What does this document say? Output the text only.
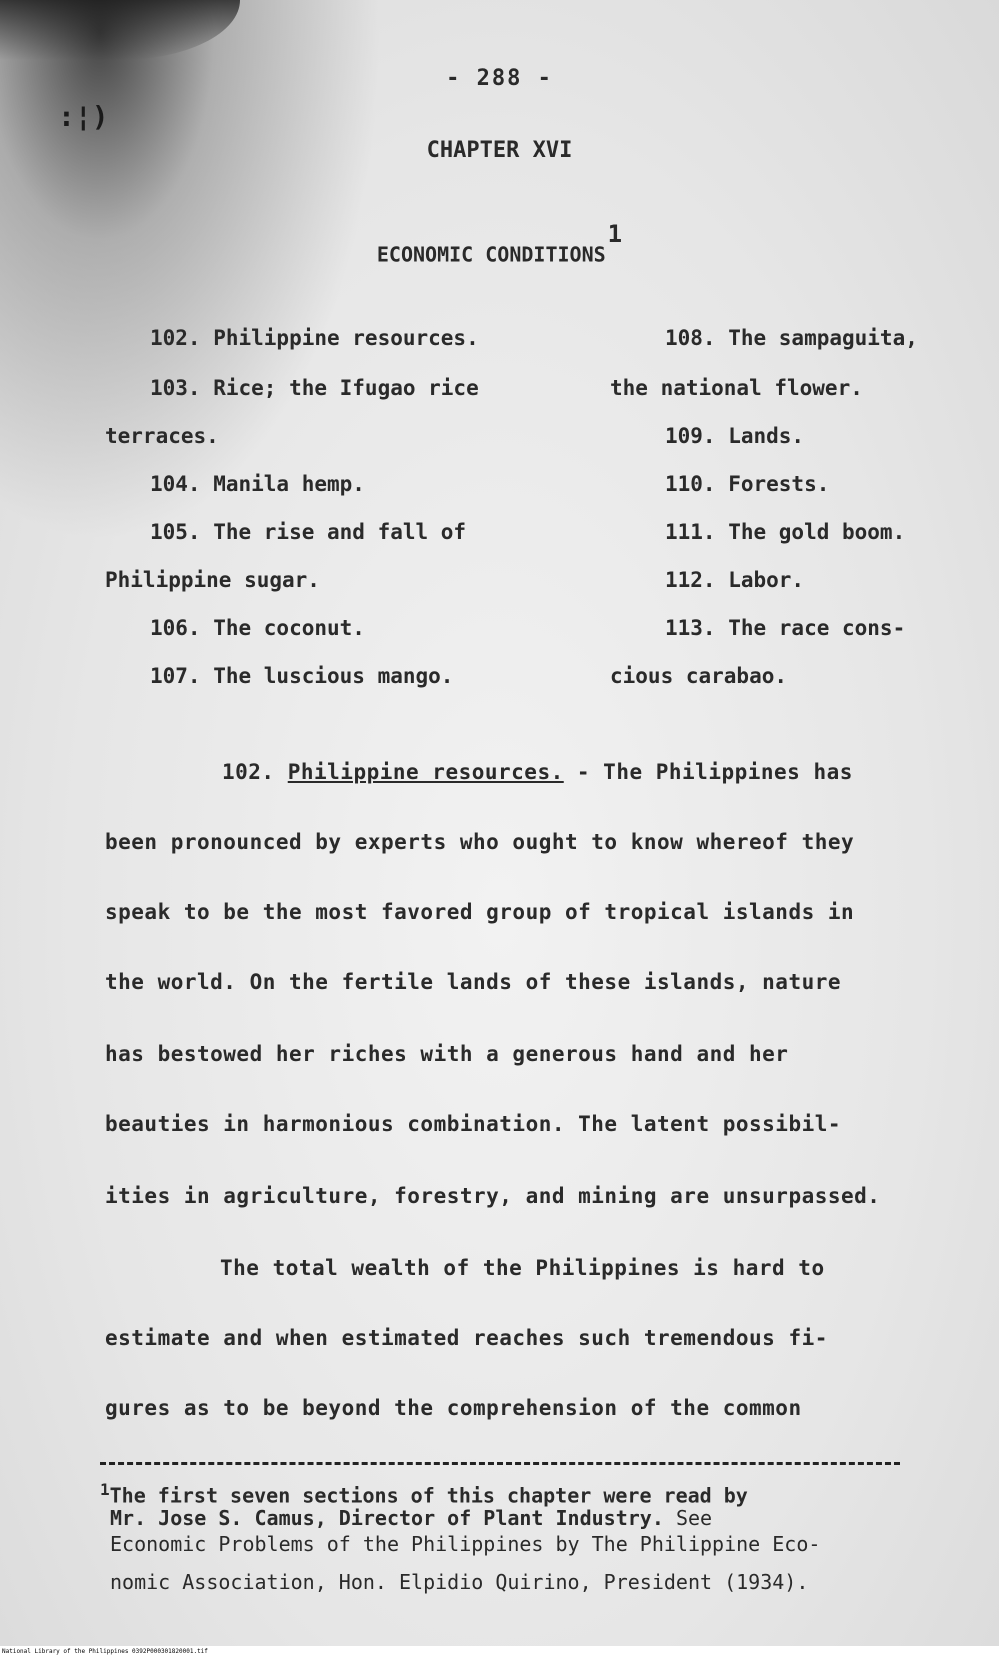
:¦)
- 288 -
CHAPTER XVI
ECONOMIC CONDITIONS$^1$
102. Philippine resources.
103. Rice; the Ifugao rice
terraces.
104. Manila hemp.
105. The rise and fall of
Philippine sugar.
106. The coconut.
107. The luscious mango.
108. The sampaguita,
the national flower.
109. Lands.
110. Forests.
111. The gold boom.
112. Labor.
113. The race cons-
cious carabao.
102. Philippine resources. - The Philippines has
been pronounced by experts who ought to know whereof they
speak to be the most favored group of tropical islands in
the world. On the fertile lands of these islands, nature
has bestowed her riches with a generous hand and her
beauties in harmonious combination. The latent possibil-
ities in agriculture, forestry, and mining are unsurpassed.
The total wealth of the Philippines is hard to
estimate and when estimated reaches such tremendous fi-
gures as to be beyond the comprehension of the common
$^1$The first seven sections of this chapter were read by
Mr. Jose S. Camus, Director of Plant Industry. See
Economic Problems of the Philippines by The Philippine Eco-
nomic Association, Hon. Elpidio Quirino, President (1934).
National Library of the Philippines 0392P000301820001.tif
